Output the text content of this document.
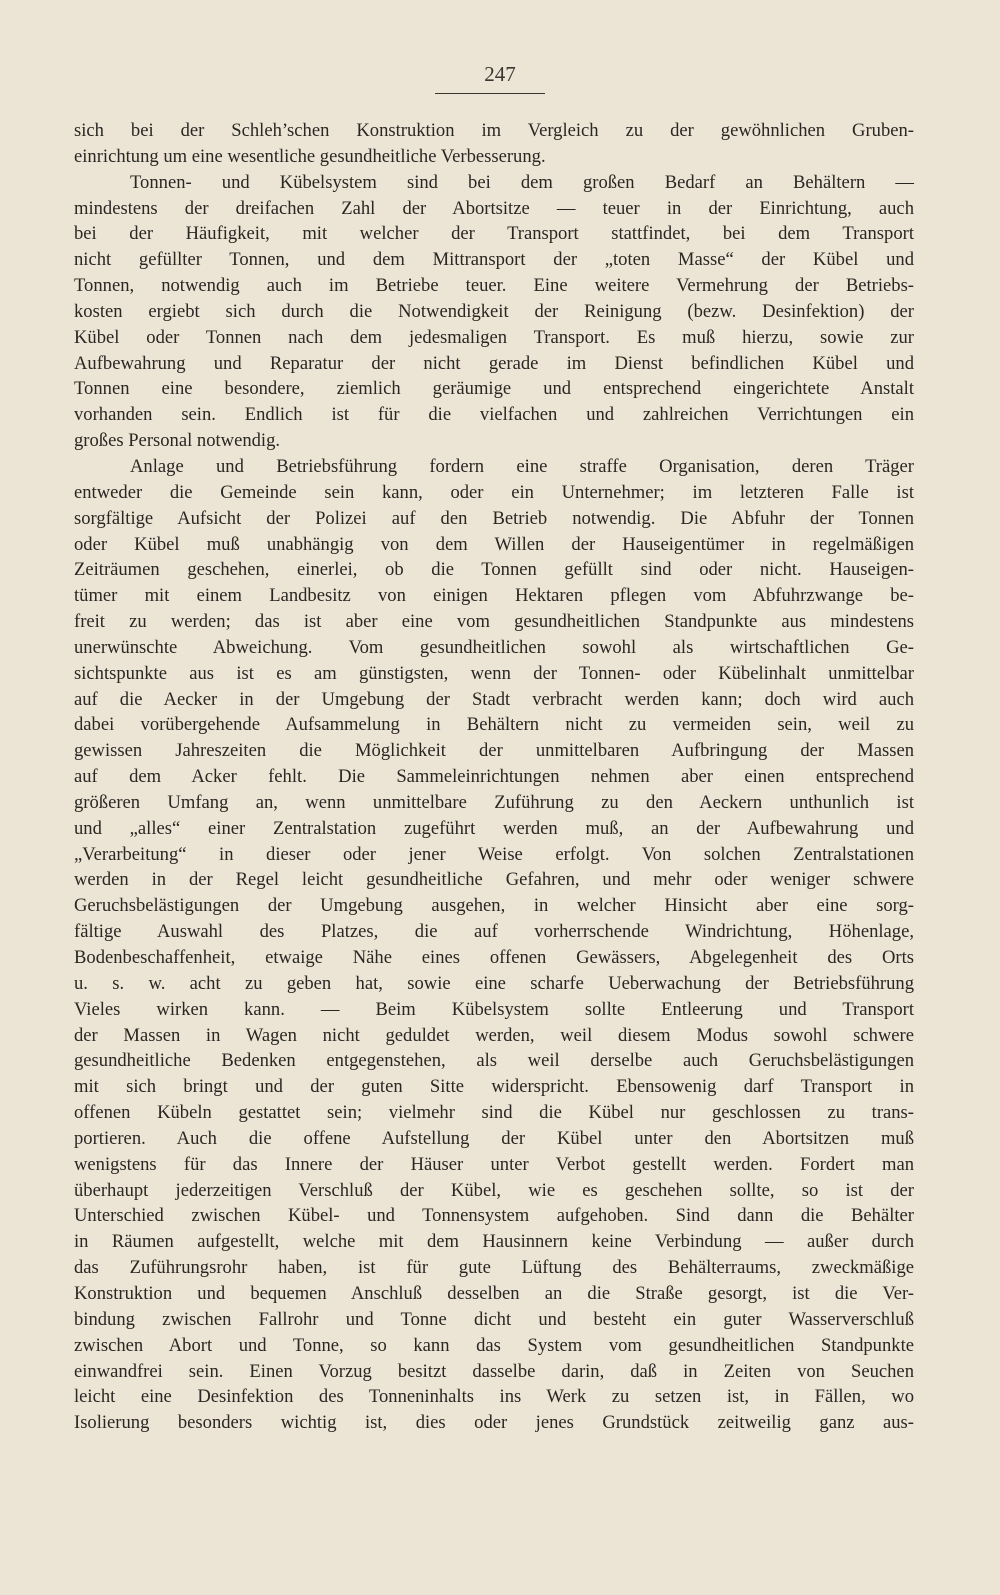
247
sich bei der Schleh’schen Konstruktion im Vergleich zu der gewöhnlichen Gruben-
einrichtung um eine wesentliche gesundheitliche Verbesserung.
Tonnen- und Kübelsystem sind bei dem großen Bedarf an Behältern —
mindestens der dreifachen Zahl der Abortsitze — teuer in der Einrichtung, auch
bei der Häufigkeit, mit welcher der Transport stattfindet, bei dem Transport
nicht gefüllter Tonnen, und dem Mittransport der „toten Masse“ der Kübel und
Tonnen, notwendig auch im Betriebe teuer. Eine weitere Vermehrung der Betriebs-
kosten ergiebt sich durch die Notwendigkeit der Reinigung (bezw. Desinfektion) der
Kübel oder Tonnen nach dem jedesmaligen Transport. Es muß hierzu, sowie zur
Aufbewahrung und Reparatur der nicht gerade im Dienst befindlichen Kübel und
Tonnen eine besondere, ziemlich geräumige und entsprechend eingerichtete Anstalt
vorhanden sein. Endlich ist für die vielfachen und zahlreichen Verrichtungen ein
großes Personal notwendig.
Anlage und Betriebsführung fordern eine straffe Organisation, deren Träger
entweder die Gemeinde sein kann, oder ein Unternehmer; im letzteren Falle ist
sorgfältige Aufsicht der Polizei auf den Betrieb notwendig. Die Abfuhr der Tonnen
oder Kübel muß unabhängig von dem Willen der Hauseigentümer in regelmäßigen
Zeiträumen geschehen, einerlei, ob die Tonnen gefüllt sind oder nicht. Hauseigen-
tümer mit einem Landbesitz von einigen Hektaren pflegen vom Abfuhrzwange be-
freit zu werden; das ist aber eine vom gesundheitlichen Standpunkte aus mindestens
unerwünschte Abweichung. Vom gesundheitlichen sowohl als wirtschaftlichen Ge-
sichtspunkte aus ist es am günstigsten, wenn der Tonnen- oder Kübelinhalt unmittelbar
auf die Aecker in der Umgebung der Stadt verbracht werden kann; doch wird auch
dabei vorübergehende Aufsammelung in Behältern nicht zu vermeiden sein, weil zu
gewissen Jahreszeiten die Möglichkeit der unmittelbaren Aufbringung der Massen
auf dem Acker fehlt. Die Sammeleinrichtungen nehmen aber einen entsprechend
größeren Umfang an, wenn unmittelbare Zuführung zu den Aeckern unthunlich ist
und „alles“ einer Zentralstation zugeführt werden muß, an der Aufbewahrung und
„Verarbeitung“ in dieser oder jener Weise erfolgt. Von solchen Zentralstationen
werden in der Regel leicht gesundheitliche Gefahren, und mehr oder weniger schwere
Geruchsbelästigungen der Umgebung ausgehen, in welcher Hinsicht aber eine sorg-
fältige Auswahl des Platzes, die auf vorherrschende Windrichtung, Höhenlage,
Bodenbeschaffenheit, etwaige Nähe eines offenen Gewässers, Abgelegenheit des Orts
u. s. w. acht zu geben hat, sowie eine scharfe Ueberwachung der Betriebsführung
Vieles wirken kann. — Beim Kübelsystem sollte Entleerung und Transport
der Massen in Wagen nicht geduldet werden, weil diesem Modus sowohl schwere
gesundheitliche Bedenken entgegenstehen, als weil derselbe auch Geruchsbelästigungen
mit sich bringt und der guten Sitte widerspricht. Ebensowenig darf Transport in
offenen Kübeln gestattet sein; vielmehr sind die Kübel nur geschlossen zu trans-
portieren. Auch die offene Aufstellung der Kübel unter den Abortsitzen muß
wenigstens für das Innere der Häuser unter Verbot gestellt werden. Fordert man
überhaupt jederzeitigen Verschluß der Kübel, wie es geschehen sollte, so ist der
Unterschied zwischen Kübel- und Tonnensystem aufgehoben. Sind dann die Behälter
in Räumen aufgestellt, welche mit dem Hausinnern keine Verbindung — außer durch
das Zuführungsrohr haben, ist für gute Lüftung des Behälterraums, zweckmäßige
Konstruktion und bequemen Anschluß desselben an die Straße gesorgt, ist die Ver-
bindung zwischen Fallrohr und Tonne dicht und besteht ein guter Wasserverschluß
zwischen Abort und Tonne, so kann das System vom gesundheitlichen Standpunkte
einwandfrei sein. Einen Vorzug besitzt dasselbe darin, daß in Zeiten von Seuchen
leicht eine Desinfektion des Tonneninhalts ins Werk zu setzen ist, in Fällen, wo
Isolierung besonders wichtig ist, dies oder jenes Grundstück zeitweilig ganz aus-
